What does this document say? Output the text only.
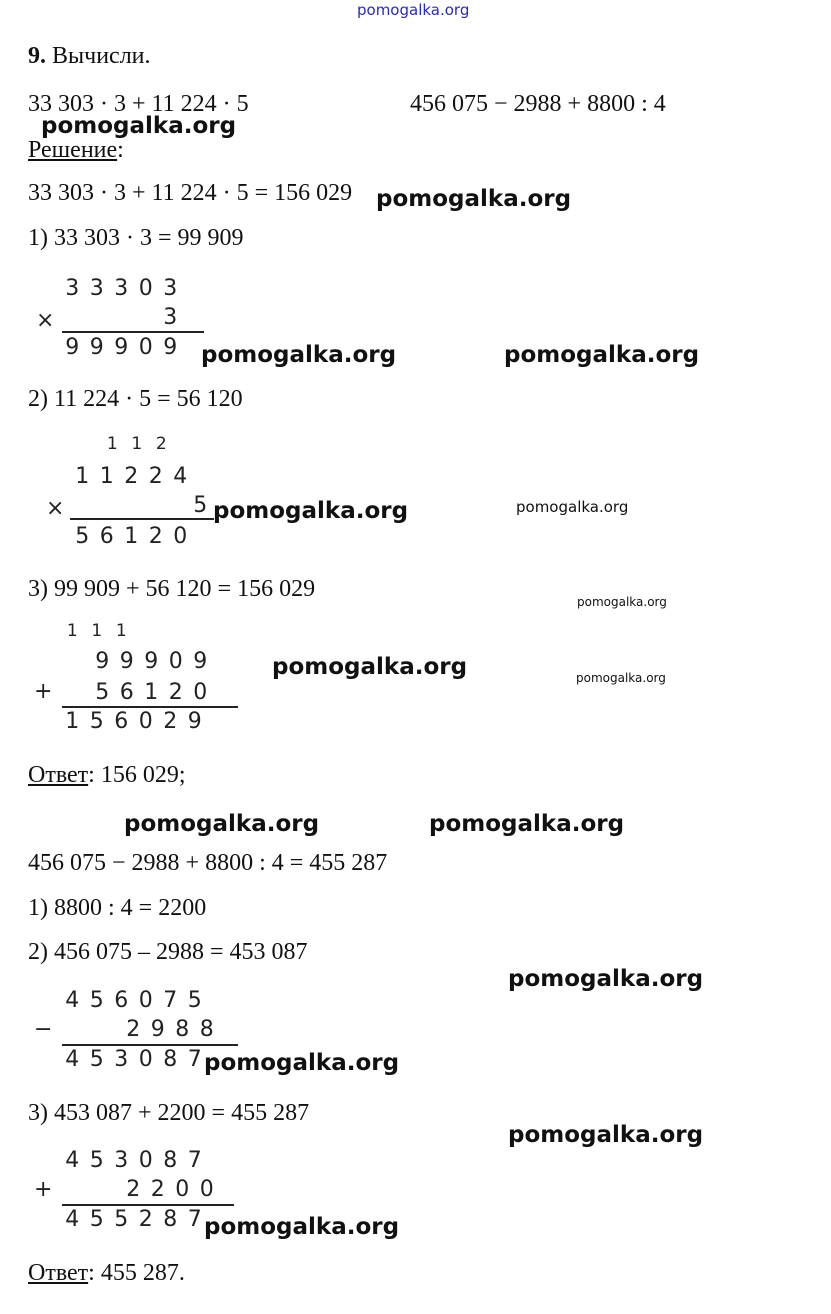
pomogalka.org
9. Вычисли.
33 303 · 3 + 11 224 · 5	456 075 − 2988 + 8800 : 4
Решение:
33 303 · 3 + 11 224 · 5 = 156 029
1) 33 303 · 3 = 99 909
3 3 3 0 3
×	3
9 9 9 0 9
2) 11 224 · 5 = 56 120
1 1 2
1 1 2 2 4
×	5
5 6 1 2 0
3) 99 909 + 56 120 = 156 029
1 1 1
9 9 9 0 9
+ 5 6 1 2 0
1 5 6 0 2 9
Ответ: 156 029;
456 075 − 2988 + 8800 : 4 = 455 287
1) 8800 : 4 = 2200
2) 456 075 – 2988 = 453 087
4 5 6 0 7 5
−	2 9 8 8
4 5 3 0 8 7
3) 453 087 + 2200 = 455 287
4 5 3 0 8 7
+	2 2 0 0
4 5 5 2 8 7
Ответ: 455 287.
pomogalka.org
pomogalka.org
pomogalka.org	pomogalka.org
pomogalka.org	pomogalka.org
pomogalka.org
pomogalka.org	pomogalka.org
pomogalka.org	pomogalka.org
pomogalka.org
pomogalka.org
pomogalka.org
pomogalka.org
